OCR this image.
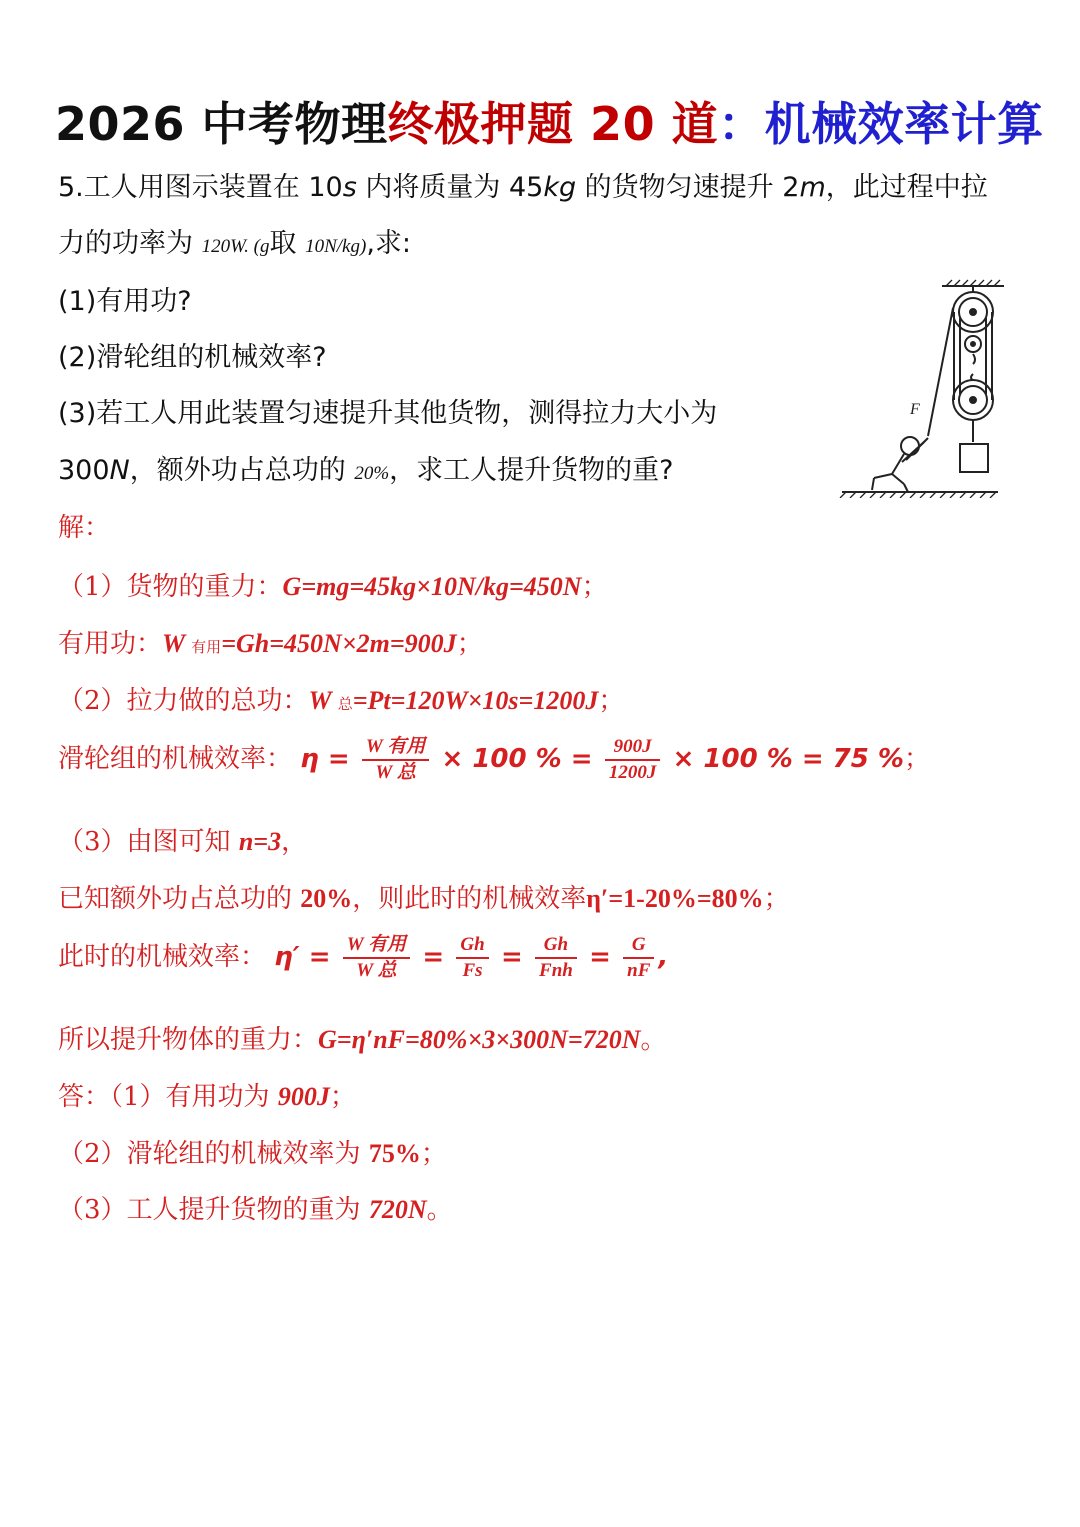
2026 中考物理终极押题 20 道：机械效率计算
5.工人用图示装置在 10s 内将质量为 45kg 的货物匀速提升 2m，此过程中拉
力的功率为 120W. (g取 10N/kg),求:
(1)有用功?
(2)滑轮组的机械效率?
(3)若工人用此装置匀速提升其他货物，测得拉力大小为
300N，额外功占总功的 20%，求工人提升货物的重?
F
解：
（1）货物的重力：G=mg=45kg×10N/kg=450N；
有用功：W 有用=Gh=450N×2m=900J；
（2）拉力做的总功：W 总=Pt=120W×10s=1200J；
滑轮组的机械效率： $\eta = \frac{\text{W 有用}}{\text{W 总}} \times 100$ % = $\frac{900J}{1200J} \times 100$ % = 75 %；
（3）由图可知 n=3，
已知额外功占总功的 20%，则此时的机械效率η′=1-20%=80%；
此时的机械效率： $\eta' = \frac{\text{W 有用}}{\text{W 总}} = \frac{Gh}{Fs} = \frac{Gh}{\text{Fnh}} = \frac{G}{nF}$ ,
所以提升物体的重力：G=η′nF=80%×3×300N=720N。
答：（1）有用功为 900J；
（2）滑轮组的机械效率为 75%；
（3）工人提升货物的重为 720N。
